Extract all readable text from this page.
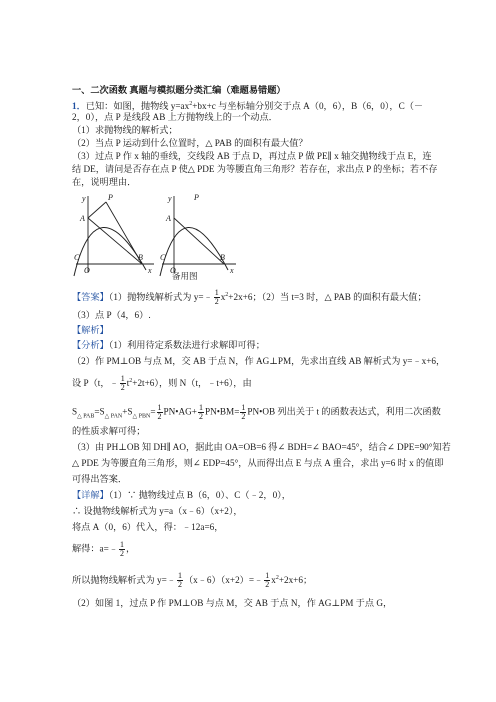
一、二次函数 真题与模拟题分类汇编（难题易错题）
1．已知：如图，抛物线 $y=ax^2+bx+c$ 与坐标轴分别交于点 A（0，6），B（6，0），C（－
2，0），点 P 是线段 AB 上方抛物线上的一个动点．
（1）求抛物线的解析式；
（2）当点 P 运动到什么位置时，△ PAB 的面积有最大值？
（3）过点 P 作 x 轴的垂线，交线段 AB 于点 D，再过点 P 做 PE∥ x 轴交抛物线于点 E，连
结 DE，请问是否存在点 P 使△ PDE 为等腰直角三角形？若存在，求出点 P 的坐标；若不存
在，说明理由．
y	P
A
C
O
B
x
y	P
A
C
O
B
x
备用图
【答案】（1）抛物线解析式为 y=﹣ $\frac{1}{2} x^2+2x+6$；（2）当 t=3 时，△ PAB 的面积有最大值；
（3）点 P（4，6）.
【解析】
【分析】（1）利用待定系数法进行求解即可得；
（2）作 PM⊥OB 与点 M，交 AB 于点 N，作 AG⊥PM，先求出直线 AB 解析式为 y=﹣x+6，
设 P（t，﹣ $\frac{1}{2} t^2+2t+6$），则 N（t，﹣t+6），由
$S_{\triangle PAB}=S_{\triangle PAN}+S_{\triangle PBN}= \frac{1}{2}$ PN•AG+ $\frac{1}{2}$ PN•BM= $\frac{1}{2}$ PN•OB 列出关于 t 的函数表达式，利用二次函数
的性质求解可得；
（3）由 PH⊥OB 知 DH∥ AO，据此由 OA=OB=6 得∠ BDH=∠ BAO=45°，结合∠ DPE=90°知若
△ PDE 为等腰直角三角形，则∠ EDP=45°，从而得出点 E 与点 A 重合，求出 y=6 时 x 的值即
可得出答案．
【详解】（1）∵ 抛物线过点 B（6，0）、C（﹣2，0），
∴ 设抛物线解析式为 y=a（x﹣6）（x+2），
将点 A（0，6）代入，得：﹣12a=6，
解得：a=﹣ $\frac{1}{2}$ ，
所以抛物线解析式为 y=﹣ $\frac{1}{2}$ （x﹣6）（x+2）=﹣ $\frac{1}{2} x^2+2x+6$；
（2）如图 1，过点 P 作 PM⊥OB 与点 M，交 AB 于点 N，作 AG⊥PM 于点 G，
